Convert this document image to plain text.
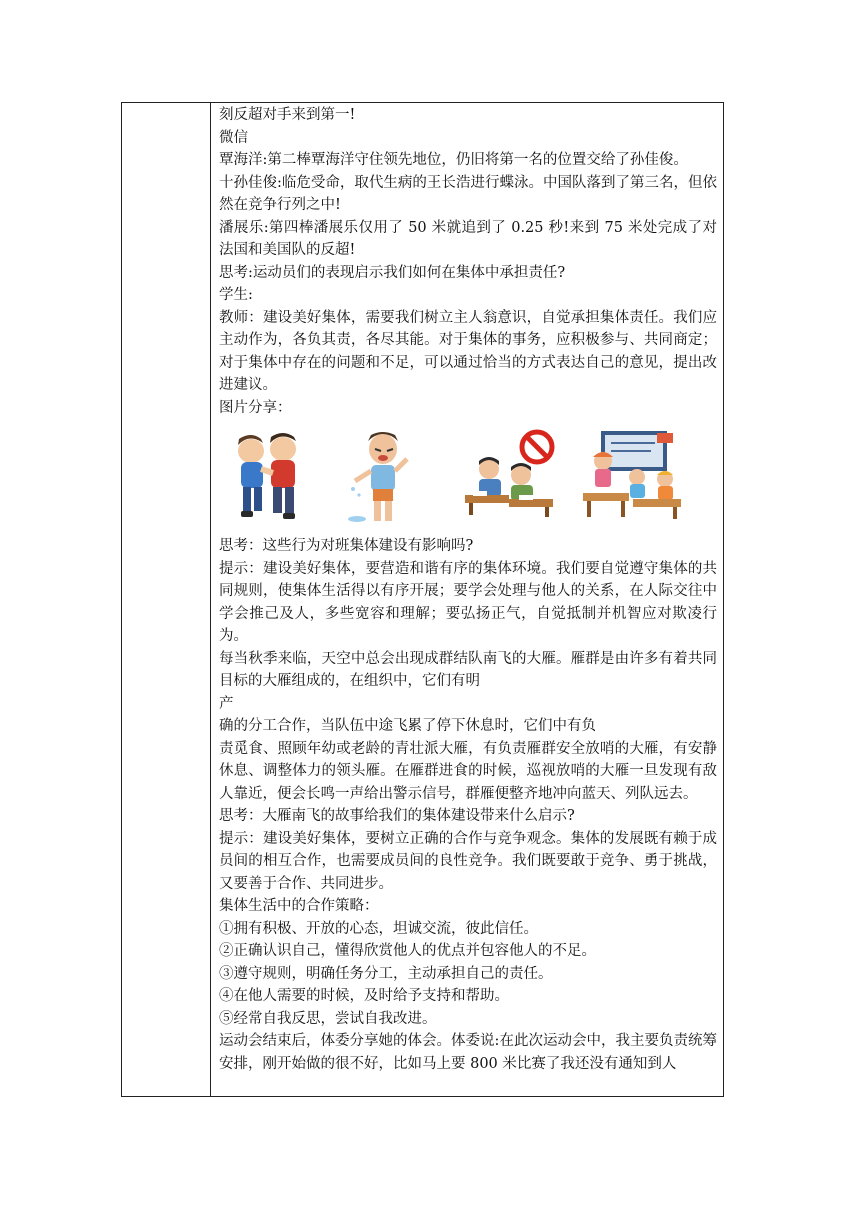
刻反超对手来到第一!

微信

覃海洋:第二棒覃海洋守住领先地位，仍旧将第一名的位置交给了孙佳俊。

十孙佳俊:临危受命，取代生病的王长浩进行蝶泳。中国队落到了第三名，但依然在竞争行列之中!

潘展乐:第四棒潘展乐仅用了 50 米就追到了 0.25 秒!来到 75 米处完成了对法国和美国队的反超!

思考:运动员们的表现启示我们如何在集体中承担责任?

学生:

教师：建设美好集体，需要我们树立主人翁意识，自觉承担集体责任。我们应主动作为，各负其责，各尽其能。对于集体的事务，应积极参与、共同商定；对于集体中存在的问题和不足，可以通过恰当的方式表达自己的意见，提出改进建议。

图片分享：

思考：这些行为对班集体建设有影响吗?

提示：建设美好集体，要营造和谐有序的集体环境。我们要自觉遵守集体的共同规则，使集体生活得以有序开展；要学会处理与他人的关系，在人际交往中学会推己及人，多些宽容和理解；要弘扬正气，自觉抵制并机智应对欺凌行为。

每当秋季来临，天空中总会出现成群结队南飞的大雁。雁群是由许多有着共同目标的大雁组成的，在组织中，它们有明

产

确的分工合作，当队伍中途飞累了停下休息时，它们中有负

责觅食、照顾年幼或老龄的青壮派大雁，有负责雁群安全放哨的大雁，有安静休息、调整体力的领头雁。在雁群进食的时候，巡视放哨的大雁一旦发现有敌人靠近，便会长鸣一声给出警示信号，群雁便整齐地冲向蓝天、列队远去。

思考：大雁南飞的故事给我们的集体建设带来什么启示?

提示：建设美好集体，要树立正确的合作与竞争观念。集体的发展既有赖于成员间的相互合作，也需要成员间的良性竞争。我们既要敢于竞争、勇于挑战，又要善于合作、共同进步。

集体生活中的合作策略：

①拥有积极、开放的心态，坦诚交流，彼此信任。

②正确认识自己，懂得欣赏他人的优点并包容他人的不足。

③遵守规则，明确任务分工，主动承担自己的责任。

④在他人需要的时候，及时给予支持和帮助。

⑤经常自我反思，尝试自我改进。

运动会结束后，体委分享她的体会。体委说:在此次运动会中，我主要负责统筹安排，刚开始做的很不好，比如马上要 800 米比赛了我还没有通知到人
